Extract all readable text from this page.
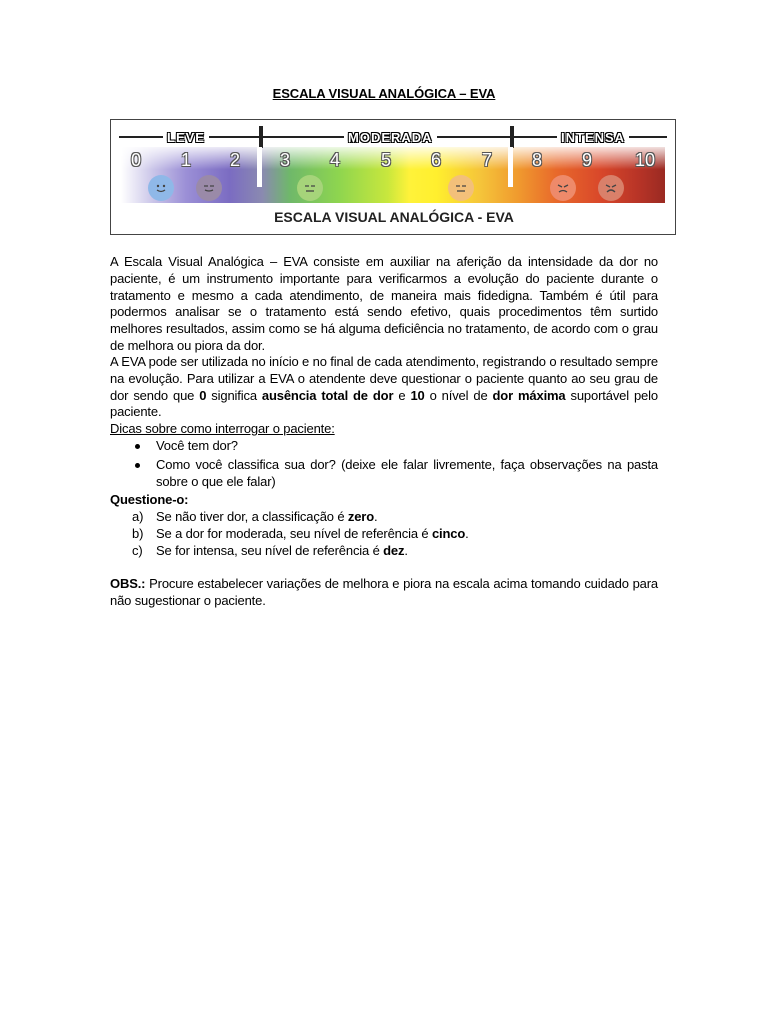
ESCALA VISUAL ANALÓGICA – EVA
LEVE	MODERADA	INTENSA
0	1	2	3	4	5	6	7	8	9	10
ESCALA VISUAL ANALÓGICA - EVA

A Escala Visual Analógica – EVA consiste em auxiliar na aferição da intensidade da dor no paciente, é um instrumento importante para verificarmos a evolução do paciente durante o tratamento e mesmo a cada atendimento, de maneira mais fidedigna. Também é útil para podermos analisar se o tratamento está sendo efetivo, quais procedimentos têm surtido melhores resultados, assim como se há alguma deficiência no tratamento, de acordo com o grau de melhora ou piora da dor.

A EVA pode ser utilizada no início e no final de cada atendimento, registrando o resultado sempre na evolução. Para utilizar a EVA o atendente deve questionar o paciente quanto ao seu grau de dor sendo que 0 significa ausência total de dor e 10 o nível de dor máxima suportável pelo paciente.

Dicas sobre como interrogar o paciente:
Você tem dor?
Como você classifica sua dor? (deixe ele falar livremente, faça observações na pasta sobre o que ele falar)
Questione-o:
a) Se não tiver dor, a classificação é zero.
b) Se a dor for moderada, seu nível de referência é cinco.
c) Se for intensa, seu nível de referência é dez.

OBS.: Procure estabelecer variações de melhora e piora na escala acima tomando cuidado para não sugestionar o paciente.
